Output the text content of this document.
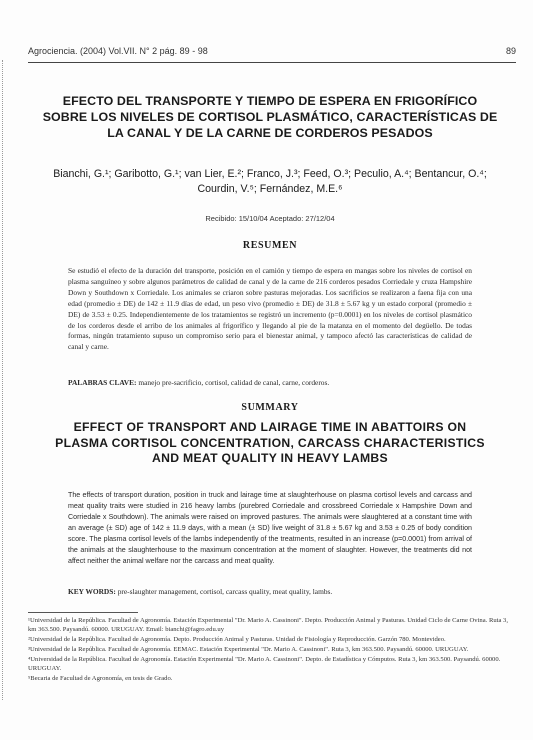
Agrociencia. (2004) Vol.VII. N° 2 pág. 89 - 98	89
EFECTO DEL TRANSPORTE Y TIEMPO DE ESPERA EN FRIGORÍFICO SOBRE LOS NIVELES DE CORTISOL PLASMÁTICO, CARACTERÍSTICAS DE LA CANAL Y DE LA CARNE DE CORDEROS PESADOS
Bianchi, G.¹; Garibotto, G.¹; van Lier, E.²; Franco, J.³; Feed, O.³; Peculio, A.⁴; Bentancur, O.⁴; Courdin, V.⁵; Fernández, M.E.⁶
Recibido: 15/10/04 Aceptado: 27/12/04
RESUMEN

Se estudió el efecto de la duración del transporte, posición en el camión y tiempo de espera en mangas sobre los niveles de cortisol en plasma sanguíneo y sobre algunos parámetros de calidad de canal y de la carne de 216 corderos pesados Corriedale y cruza Hampshire Down y Southdown x Corriedale. Los animales se criaron sobre pasturas mejoradas. Los sacrificios se realizaron a faena fija con una edad (promedio ± DE) de 142 ± 11.9 días de edad, un peso vivo (promedio ± DE) de 31.8 ± 5.67 kg y un estado corporal (promedio ± DE) de 3.53 ± 0.25. Independientemente de los tratamientos se registró un incremento (p=0.0001) en los niveles de cortisol plasmático de los corderos desde el arribo de los animales al frigorífico y llegando al pie de la matanza en el momento del degüello. De todas formas, ningún tratamiento supuso un compromiso serio para el bienestar animal, y tampoco afectó las características de calidad de canal y carne.

PALABRAS CLAVE: manejo pre-sacrificio, cortisol, calidad de canal, carne, corderos.

SUMMARY
EFFECT OF TRANSPORT AND LAIRAGE TIME IN ABATTOIRS ON PLASMA CORTISOL CONCENTRATION, CARCASS CHARACTERISTICS AND MEAT QUALITY IN HEAVY LAMBS

The effects of transport duration, position in truck and lairage time at slaughterhouse on plasma cortisol levels and carcass and meat quality traits were studied in 216 heavy lambs (purebred Corriedale and crossbreed Corriedale x Hampshire Down and Corriedale x Southdown). The animals were raised on improved pastures. The animals were slaughtered at a constant time with an average (± SD) age of 142 ± 11.9 days, with a mean (± SD) live weight of 31.8 ± 5.67 kg and 3.53 ± 0.25 of body condition score. The plasma cortisol levels of the lambs independently of the treatments, resulted in an increase (p=0.0001) from arrival of the animals at the slaughterhouse to the maximum concentration at the moment of slaughter. However, the treatments did not affect neither the animal welfare nor the carcass and meat quality.

KEY WORDS: pre-slaughter management, cortisol, carcass quality, meat quality, lambs.

¹Universidad de la República. Facultad de Agronomía. Estación Experimental "Dr. Mario A. Cassinoni". Depto. Producción Animal y Pasturas. Unidad Ciclo de Carne Ovina. Ruta 3, km 363.500. Paysandú. 60000. URUGUAY. Email: bianchi@fagro.edu.uy

²Universidad de la República. Facultad de Agronomía. Depto. Producción Animal y Pasturas. Unidad de Fisiología y Reproducción. Garzón 780. Montevideo.

³Universidad de la República. Facultad de Agronomía. EEMAC. Estación Experimental "Dr. Mario A. Cassinoni". Ruta 3, km 363.500. Paysandú. 60000. URUGUAY.

⁴Universidad de la República. Facultad de Agronomía. Estación Experimental "Dr. Mario A. Cassinoni". Depto. de Estadística y Cómputos. Ruta 3, km 363.500. Paysandú. 60000. URUGUAY.

⁵Becaria de Facultad de Agronomía, en tesis de Grado.
